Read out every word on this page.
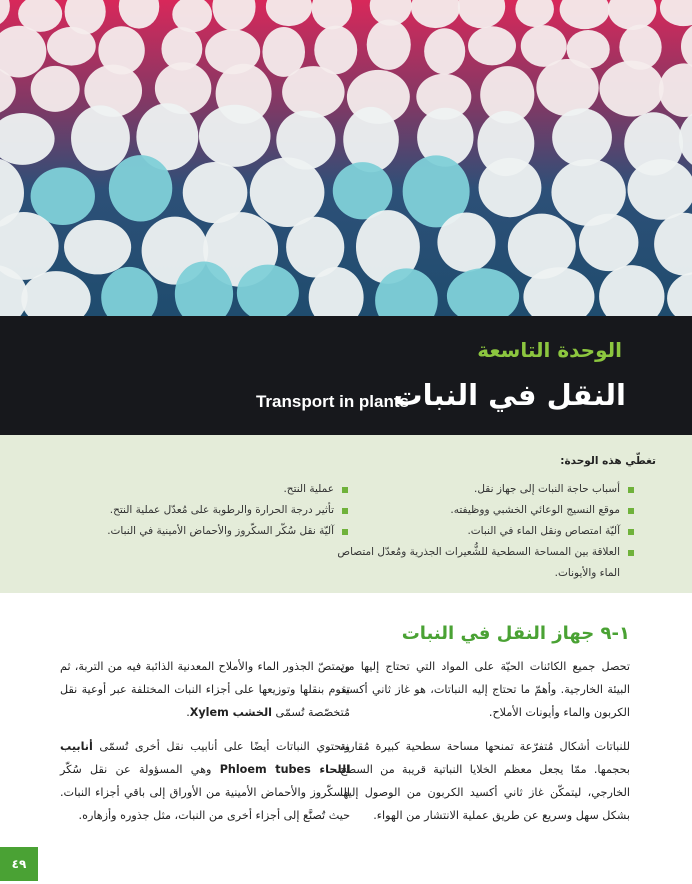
الوحدة التاسعة
النقل في النبات
Transport in plants
تغطّي هذه الوحدة:
أسباب حاجة النبات إلى جهاز نقل.
موقع النسيج الوعائي الخشبي ووظيفته.
آليّة امتصاص ونقل الماء في النبات.
العلاقة بين المساحة السطحية للشُّعيرات الجذرية ومُعدّل امتصاص الماء والأيونات.
عملية النتح.
تأثير درجة الحرارة والرطوبة على مُعدّل عملية النتح.
آليّة نقل سُكّر السكّروز والأحماض الأمينية في النبات.
١-٩ جهاز النقل في النبات

تحصل جميع الكائنات الحيّة على المواد التي تحتاج إليها من البيئة الخارجية. وأهمّ ما تحتاج إليه النباتات، هو غاز ثاني أكسيد الكربون والماء وأيونات الأملاح.

للنباتات أشكال مُتفرّعة تمنحها مساحة سطحية كبيرة مُقارنة بحجمها. ممّا يجعل معظم الخلايا النباتية قريبة من السطح الخارجي، ليتمكّن غاز ثاني أكسيد الكربون من الوصول إليها بشكل سهل وسريع عن طريق عملية الانتشار من الهواء.

وتمتصّ الجذور الماء والأملاح المعدنية الذائبة فيه من التربة، ثم تقوم بنقلها وتوزيعها على أجزاء النبات المختلفة عبر أوعية نقل مُتخصّصة تُسمّى الخشب Xylem.

وتحتوي النباتات أيضًا على أنابيب نقل أخرى تُسمّى أنابيب اللحاء Phloem tubes وهي المسؤولة عن نقل سُكّر السكّروز والأحماض الأمينية من الأوراق إلى باقي أجزاء النبات. حيث تُصنَّع إلى أجزاء أخرى من النبات، مثل جذوره وأزهاره.

٤٩
